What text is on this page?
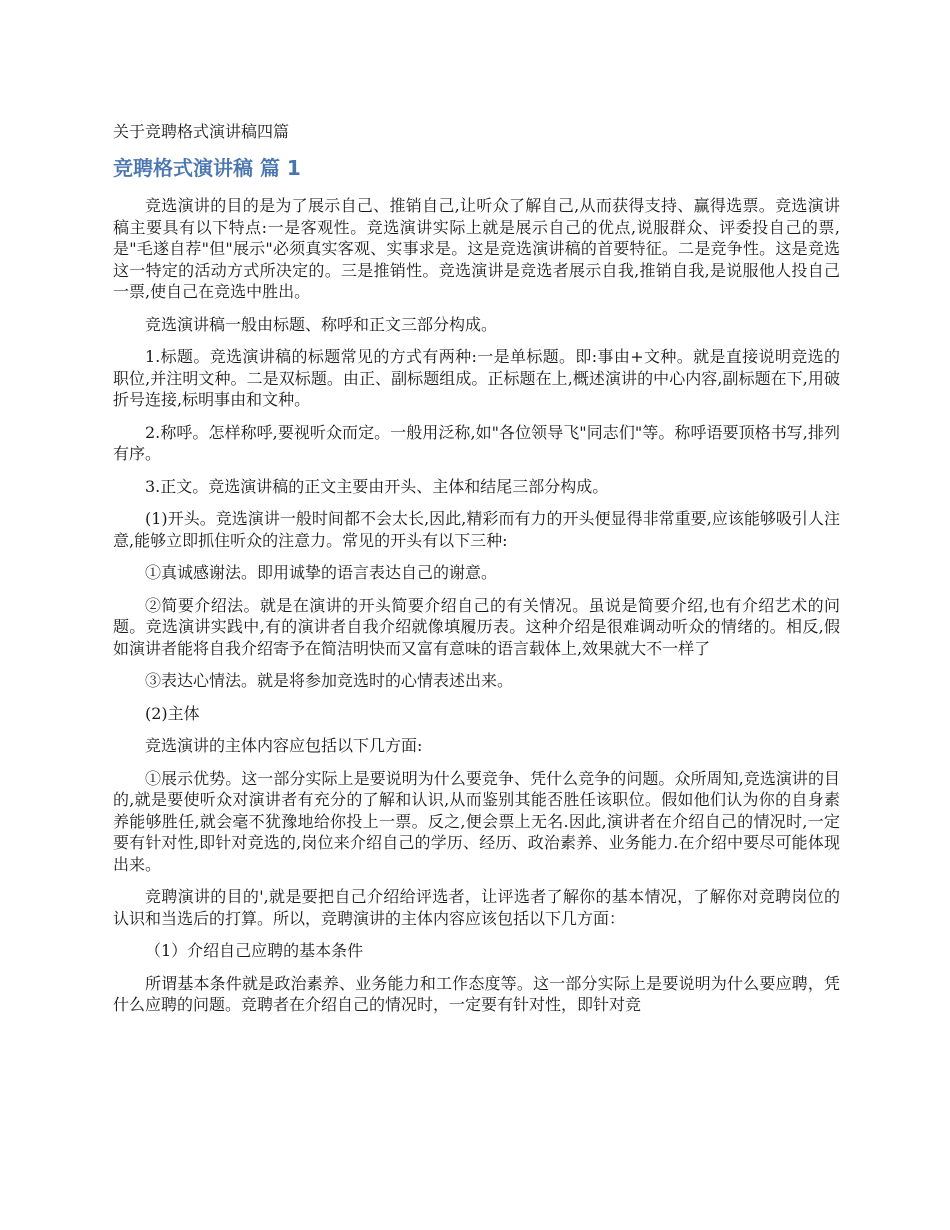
关于竞聘格式演讲稿四篇
竞聘格式演讲稿 篇 1

竞选演讲的目的是为了展示自己、推销自己,让听众了解自己,从而获得支持、赢得选票。竞选演讲稿主要具有以下特点:一是客观性。竞选演讲实际上就是展示自己的优点,说服群众、评委投自己的票,是"毛遂自荐"但"展示"必须真实客观、实事求是。这是竞选演讲稿的首要特征。二是竞争性。这是竞选这一特定的活动方式所决定的。三是推销性。竞选演讲是竞选者展示自我,推销自我,是说服他人投自己一票,使自己在竞选中胜出。

竞选演讲稿一般由标题、称呼和正文三部分构成。

1.标题。竞选演讲稿的标题常见的方式有两种:一是单标题。即:事由+文种。就是直接说明竞选的职位,并注明文种。二是双标题。由正、副标题组成。正标题在上,概述演讲的中心内容,副标题在下,用破折号连接,标明事由和文种。

2.称呼。怎样称呼,要视听众而定。一般用泛称,如"各位领导飞"同志们"等。称呼语要顶格书写,排列有序。

3.正文。竞选演讲稿的正文主要由开头、主体和结尾三部分构成。

(1)开头。竞选演讲一般时间都不会太长,因此,精彩而有力的开头便显得非常重要,应该能够吸引人注意,能够立即抓住听众的注意力。常见的开头有以下三种:

①真诚感谢法。即用诚挚的语言表达自己的谢意。

②简要介绍法。就是在演讲的开头简要介绍自己的有关情况。虽说是简要介绍,也有介绍艺术的问题。竞选演讲实践中,有的演讲者自我介绍就像填履历表。这种介绍是很难调动听众的情绪的。相反,假如演讲者能将自我介绍寄予在简洁明快而又富有意味的语言载体上,效果就大不一样了

③表达心情法。就是将参加竞选时的心情表述出来。

(2)主体

竞选演讲的主体内容应包括以下几方面:

①展示优势。这一部分实际上是要说明为什么要竞争、凭什么竞争的问题。众所周知,竞选演讲的目的,就是要使听众对演讲者有充分的了解和认识,从而鉴别其能否胜任该职位。假如他们认为你的自身素养能够胜任,就会毫不犹豫地给你投上一票。反之,便会票上无名.因此,演讲者在介绍自己的情况时,一定要有针对性,即针对竞选的,岗位来介绍自己的学历、经历、政治素养、业务能力.在介绍中要尽可能体现出来。

竞聘演讲的目的',就是要把自己介绍给评选者，让评选者了解你的基本情况，了解你对竞聘岗位的认识和当选后的打算。所以，竞聘演讲的主体内容应该包括以下几方面：

（1）介绍自己应聘的基本条件

所谓基本条件就是政治素养、业务能力和工作态度等。这一部分实际上是要说明为什么要应聘，凭什么应聘的问题。竞聘者在介绍自己的情况时，一定要有针对性，即针对竞
